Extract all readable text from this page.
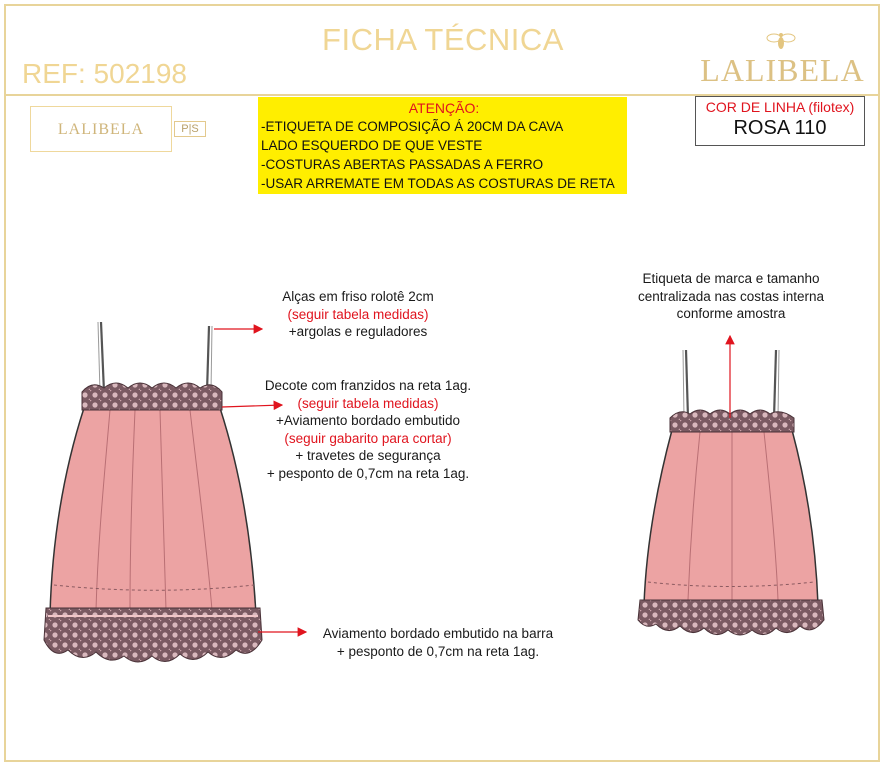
FICHA TÉCNICA
REF: 502198	LALIBELA
LALIBELA	P|S
ATENÇÃO:
-ETIQUETA DE COMPOSIÇÃO Á 20CM DA CAVA
LADO ESQUERDO DE QUE VESTE
-COSTURAS ABERTAS PASSADAS A FERRO
-USAR ARREMATE EM TODAS AS COSTURAS DE RETA
COR DE LINHA (filotex)
ROSA 110
Alças em friso rolotê 2cm
(seguir tabela medidas)
+argolas e reguladores
Decote com franzidos na reta 1ag.
(seguir tabela medidas)
+Aviamento bordado embutido
(seguir gabarito para cortar)
+ travetes de segurança
+ pesponto de 0,7cm na reta 1ag.
Aviamento bordado embutido na barra
+ pesponto de 0,7cm na reta 1ag.
Etiqueta de marca e tamanho
centralizada nas costas interna
conforme amostra
